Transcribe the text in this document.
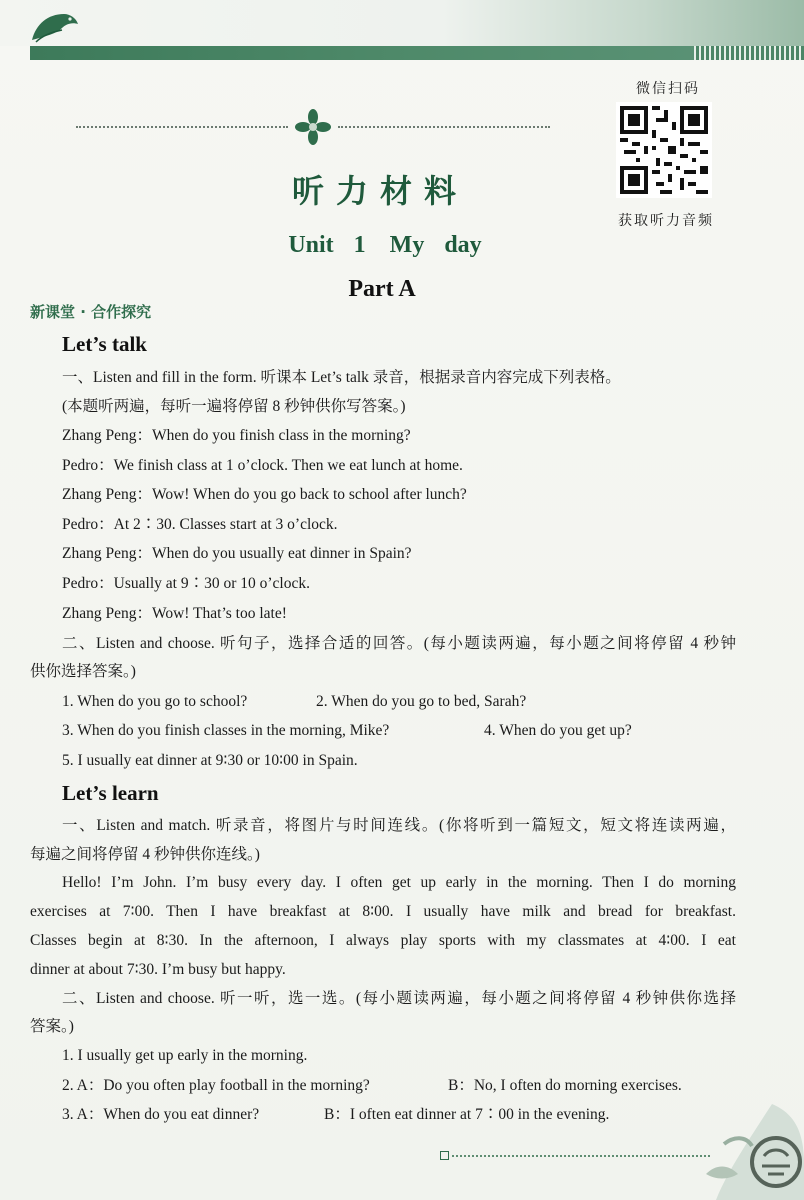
微信扫码
获取听力音频
听力材料
Unit 1　My day
Part A
新课堂 · 合作探究
Let’s talk
一、Listen and fill in the form. 听课本 Let’s talk 录音，根据录音内容完成下列表格。
(本题听两遍，每听一遍将停留 8 秒钟供你写答案。)
Zhang Peng：When do you finish class in the morning?
Pedro：We finish class at 1 o’clock. Then we eat lunch at home.
Zhang Peng：Wow! When do you go back to school after lunch?
Pedro：At 2∶30. Classes start at 3 o’clock.
Zhang Peng：When do you usually eat dinner in Spain?
Pedro：Usually at 9∶30 or 10 o’clock.
Zhang Peng：Wow! That’s too late!
二、Listen and choose. 听句子，选择合适的回答。(每小题读两遍，每小题之间将停留 4 秒钟
供你选择答案。)
1. When do you go to school?	2. When do you go to bed, Sarah?
3. When do you finish classes in the morning, Mike?	4. When do you get up?
5. I usually eat dinner at 9∶30 or 10∶00 in Spain.
Let’s learn
一、Listen and match. 听录音，将图片与时间连线。(你将听到一篇短文，短文将连读两遍，
每遍之间将停留 4 秒钟供你连线。)
Hello! I’m John. I’m busy every day. I often get up early in the morning. Then I do morning
exercises at 7∶00. Then I have breakfast at 8∶00. I usually have milk and bread for breakfast.
Classes begin at 8∶30. In the afternoon, I always play sports with my classmates at 4∶00. I eat
dinner at about 7∶30. I’m busy but happy.
二、Listen and choose. 听一听，选一选。(每小题读两遍，每小题之间将停留 4 秒钟供你选择
答案。)
1. I usually get up early in the morning.
2. A：Do you often play football in the morning?	B：No, I often do morning exercises.
3. A：When do you eat dinner?	B：I often eat dinner at 7∶00 in the evening.
